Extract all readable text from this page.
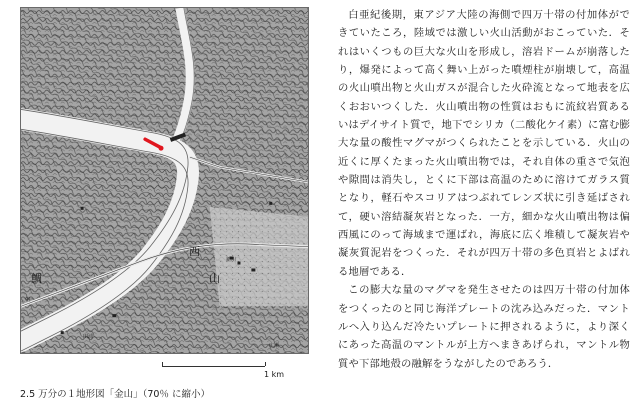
西
山
鯛
新川
朝
田浦
広瀬
1 km
2.5 万分の１地形図「金山」（70％ に縮小）

白亜紀後期，東アジア大陸の海側で四万十帯の付加体ができていたころ，陸域では激しい火山活動がおこっていた．それはいくつもの巨大な火山を形成し，溶岩ドームが崩落したり，爆発によって高く舞い上がった噴煙柱が崩壊して，高温の火山噴出物と火山ガスが混合した火砕流となって地表を広くおおいつくした．火山噴出物の性質はおもに流紋岩質あるいはデイサイト質で，地下でシリカ（二酸化ケイ素）に富む膨大な量の酸性マグマがつくられたことを示している．火山の近くに厚くたまった火山噴出物では，それ自体の重さで気泡や隙間は消失し，とくに下部は高温のために溶けてガラス質となり，軽石やスコリアはつぶれてレンズ状に引き延ばされて，硬い溶結凝灰岩となった．一方，細かな火山噴出物は偏西風にのって海域まで運ばれ，海底に広く堆積して凝灰岩や凝灰質泥岩をつくった．それが四万十帯の多色頁岩とよばれる地層である．

この膨大な量のマグマを発生させたのは四万十帯の付加体をつくったのと同じ海洋プレートの沈み込みだった．マントルへ入り込んだ冷たいプレートに押されるように，より深くにあった高温のマントルが上方へまきあげられ，マントル物質や下部地殻の融解をうながしたのであろう．
